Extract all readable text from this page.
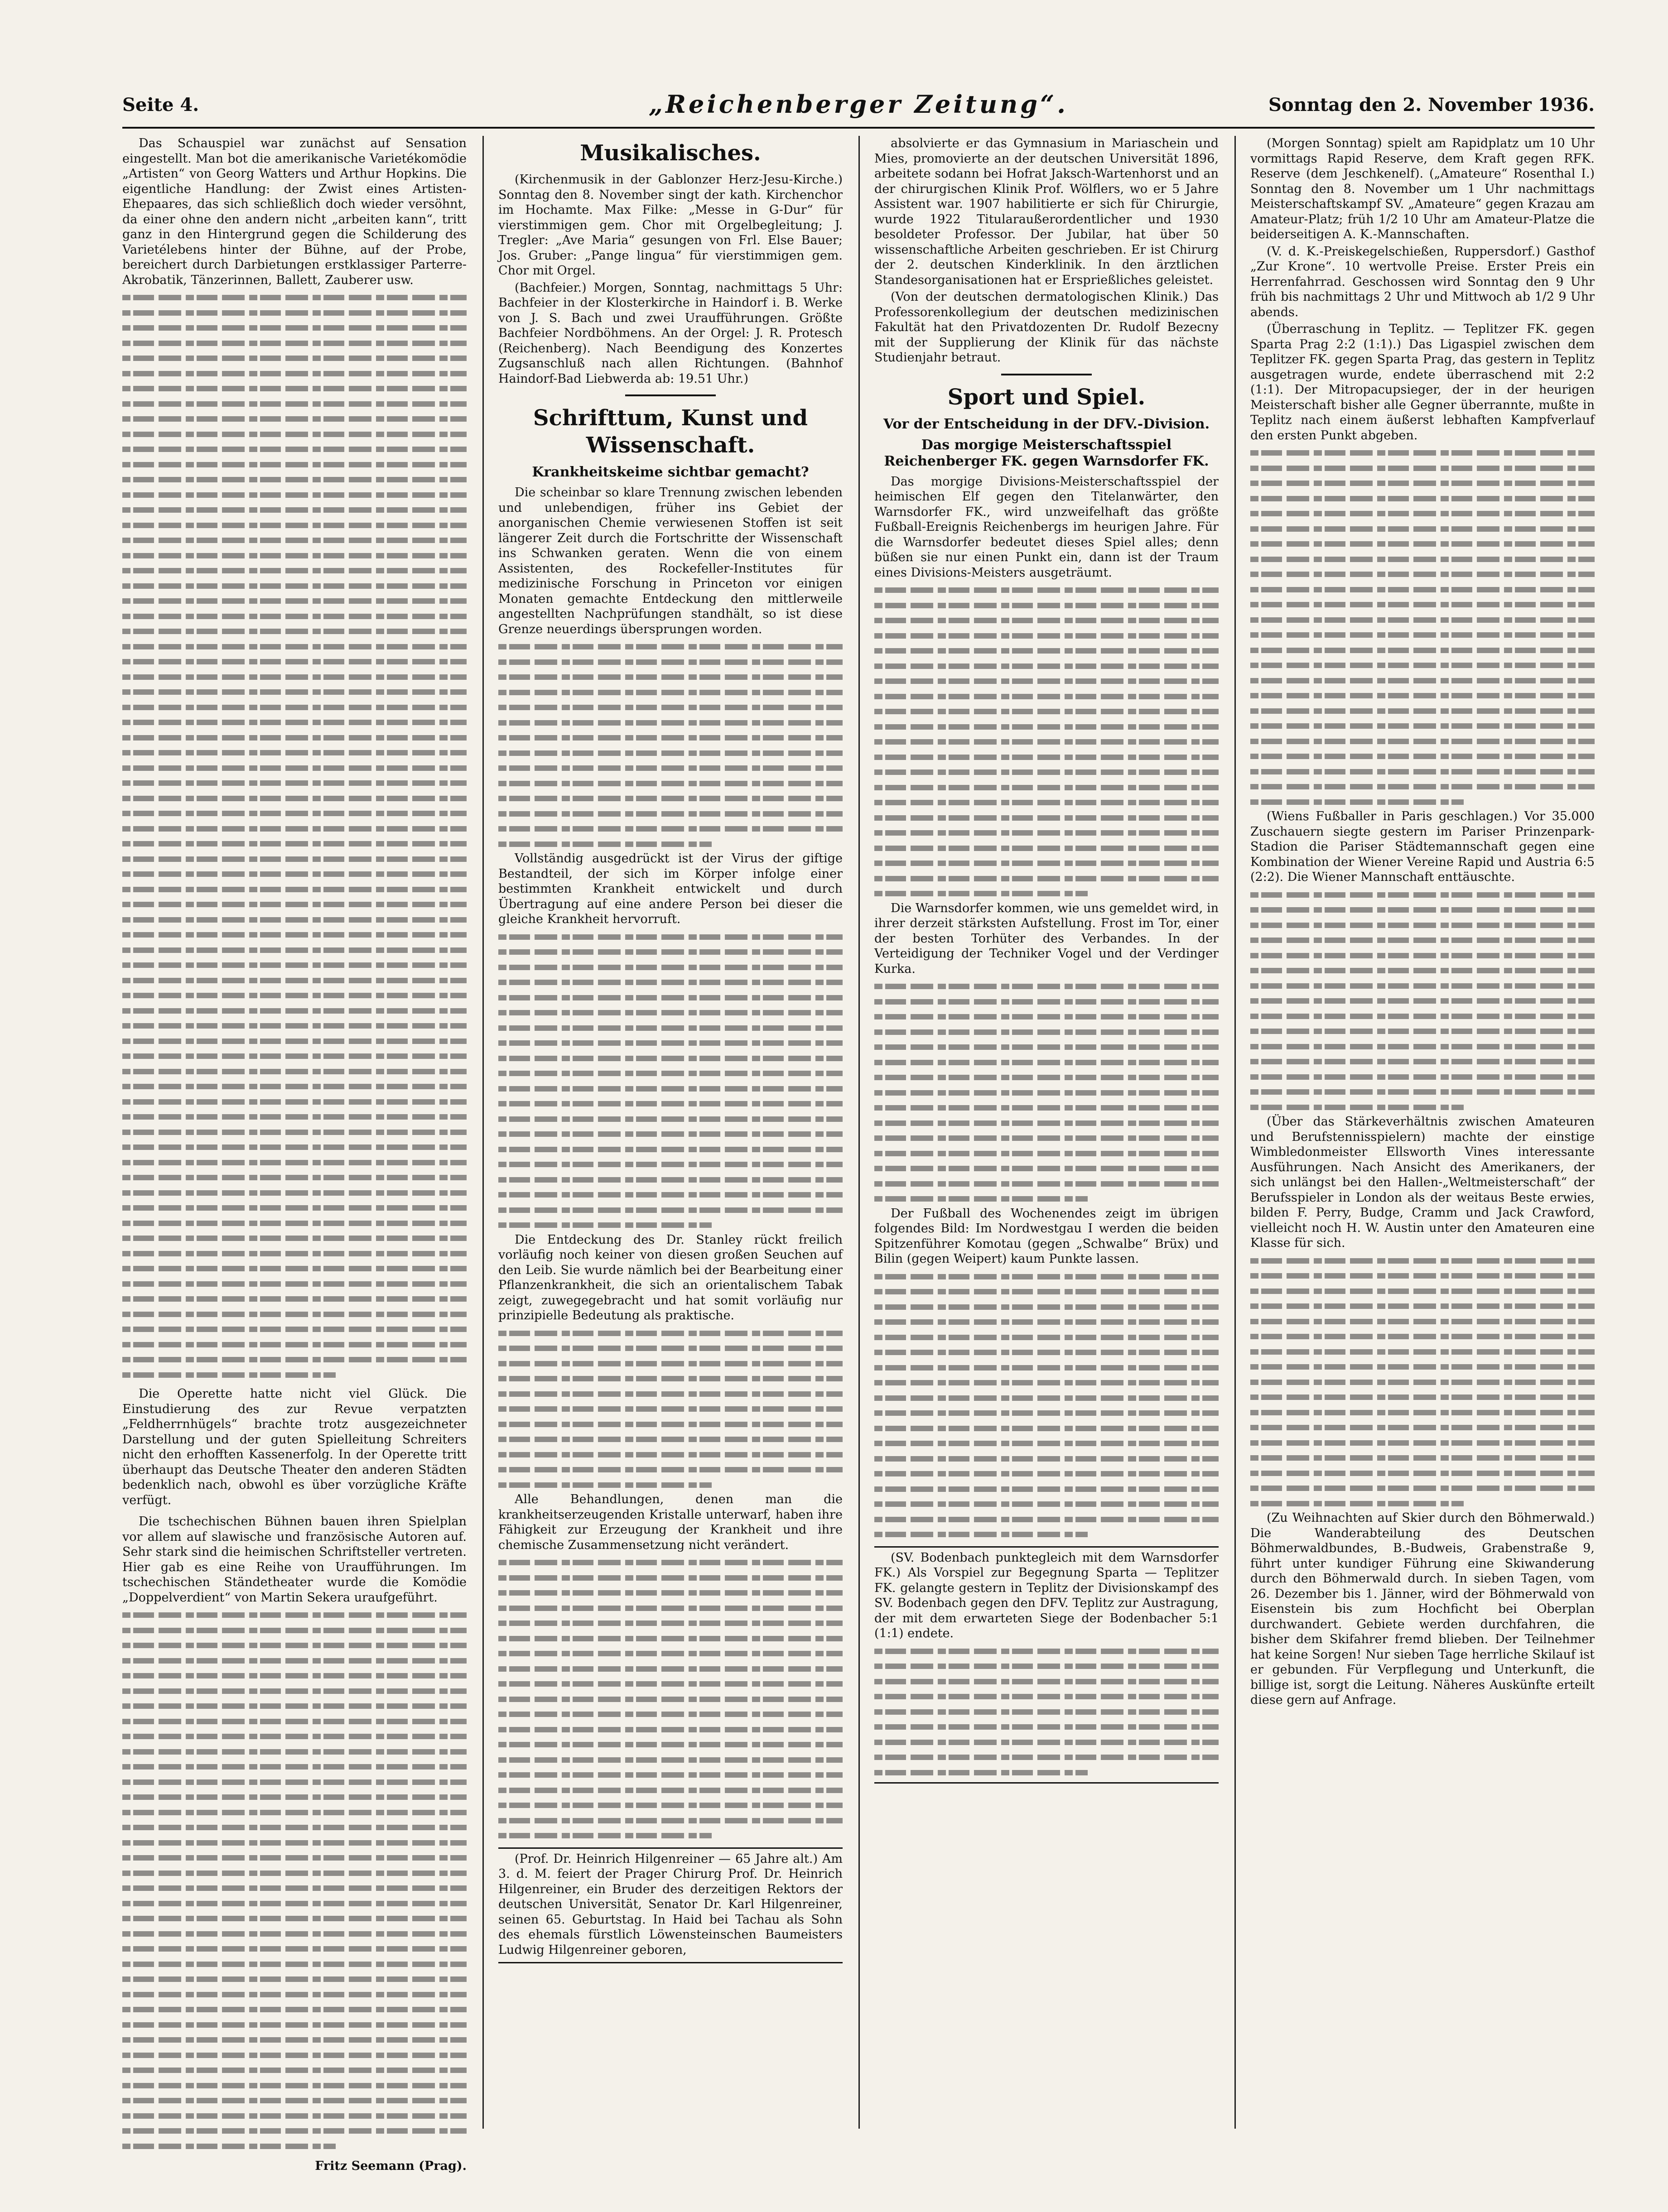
Seite 4.	„Reichenberger Zeitung“.	Sonntag den 2. November 1936.

Das Schauspiel war zunächst auf Sensation eingestellt. Man bot die amerikanische Varietékomödie „Artisten“ von Georg Watters und Arthur Hopkins. Die eigentliche Handlung: der Zwist eines Artisten-Ehepaares, das sich schließlich doch wieder versöhnt, da einer ohne den andern nicht „arbeiten kann“, tritt ganz in den Hintergrund gegen die Schilderung des Varietélebens hinter der Bühne, auf der Probe, bereichert durch Darbietungen erstklassiger Parterre-Akrobatik, Tänzerinnen, Ballett, Zauberer usw.

Die Operette hatte nicht viel Glück. Die Einstudierung des zur Revue verpatzten „Feldherrnhügels“ brachte trotz ausgezeichneter Darstellung und der guten Spielleitung Schreiters nicht den erhofften Kassenerfolg. In der Operette tritt überhaupt das Deutsche Theater den anderen Städten bedenklich nach, obwohl es über vorzügliche Kräfte verfügt.

Die tschechischen Bühnen bauen ihren Spielplan vor allem auf slawische und französische Autoren auf. Sehr stark sind die heimischen Schriftsteller vertreten. Hier gab es eine Reihe von Uraufführungen. Im tschechischen Ständetheater wurde die Komödie „Doppelverdient“ von Martin Sekera uraufgeführt.

Fritz Seemann (Prag).
Musikalisches.

(Kirchenmusik in der Gablonzer Herz-Jesu-Kirche.) Sonntag den 8. November singt der kath. Kirchenchor im Hochamte. Max Filke: „Messe in G-Dur“ für vierstimmigen gem. Chor mit Orgelbegleitung; J. Tregler: „Ave Maria“ gesungen von Frl. Else Bauer; Jos. Gruber: „Pange lingua“ für vierstimmigen gem. Chor mit Orgel.

(Bachfeier.) Morgen, Sonntag, nachmittags 5 Uhr: Bachfeier in der Klosterkirche in Haindorf i. B. Werke von J. S. Bach und zwei Uraufführungen. Größte Bachfeier Nordböhmens. An der Orgel: J. R. Protesch (Reichenberg). Nach Beendigung des Konzertes Zugsanschluß nach allen Richtungen. (Bahnhof Haindorf-Bad Liebwerda ab: 19.51 Uhr.)

Schrifttum, Kunst und Wissenschaft.
Krankheitskeime sichtbar gemacht?

Die scheinbar so klare Trennung zwischen lebenden und unlebendigen, früher ins Gebiet der anorganischen Chemie verwiesenen Stoffen ist seit längerer Zeit durch die Fortschritte der Wissenschaft ins Schwanken geraten. Wenn die von einem Assistenten, des Rockefeller-Institutes für medizinische Forschung in Princeton vor einigen Monaten gemachte Entdeckung den mittlerweile angestellten Nachprüfungen standhält, so ist diese Grenze neuerdings übersprungen worden.

Vollständig ausgedrückt ist der Virus der giftige Bestandteil, der sich im Körper infolge einer bestimmten Krankheit entwickelt und durch Übertragung auf eine andere Person bei dieser die gleiche Krankheit hervorruft.

Die Entdeckung des Dr. Stanley rückt freilich vorläufig noch keiner von diesen großen Seuchen auf den Leib. Sie wurde nämlich bei der Bearbeitung einer Pflanzenkrankheit, die sich an orientalischem Tabak zeigt, zuwegegebracht und hat somit vorläufig nur prinzipielle Bedeutung als praktische.

Alle Behandlungen, denen man die krankheitserzeugenden Kristalle unterwarf, haben ihre Fähigkeit zur Erzeugung der Krankheit und ihre chemische Zusammensetzung nicht verändert.

(Prof. Dr. Heinrich Hilgenreiner — 65 Jahre alt.) Am 3. d. M. feiert der Prager Chirurg Prof. Dr. Heinrich Hilgenreiner, ein Bruder des derzeitigen Rektors der deutschen Universität, Senator Dr. Karl Hilgenreiner, seinen 65. Geburtstag. In Haid bei Tachau als Sohn des ehemals fürstlich Löwensteinschen Baumeisters Ludwig Hilgenreiner geboren,

absolvierte er das Gymnasium in Mariaschein und Mies, promovierte an der deutschen Universität 1896, arbeitete sodann bei Hofrat Jaksch-Wartenhorst und an der chirurgischen Klinik Prof. Wölflers, wo er 5 Jahre Assistent war. 1907 habilitierte er sich für Chirurgie, wurde 1922 Titularaußerordentlicher und 1930 besoldeter Professor. Der Jubilar, hat über 50 wissenschaftliche Arbeiten geschrieben. Er ist Chirurg der 2. deutschen Kinderklinik. In den ärztlichen Standesorganisationen hat er Ersprießliches geleistet.

(Von der deutschen dermatologischen Klinik.) Das Professorenkollegium der deutschen medizinischen Fakultät hat den Privatdozenten Dr. Rudolf Bezecny mit der Supplierung der Klinik für das nächste Studienjahr betraut.

Sport und Spiel.
Vor der Entscheidung in der DFV.-Division.
Das morgige Meisterschaftsspiel Reichenberger FK. gegen Warnsdorfer FK.

Das morgige Divisions-Meisterschaftsspiel der heimischen Elf gegen den Titelanwärter, den Warnsdorfer FK., wird unzweifelhaft das größte Fußball-Ereignis Reichenbergs im heurigen Jahre. Für die Warnsdorfer bedeutet dieses Spiel alles; denn büßen sie nur einen Punkt ein, dann ist der Traum eines Divisions-Meisters ausgeträumt.

Die Warnsdorfer kommen, wie uns gemeldet wird, in ihrer derzeit stärksten Aufstellung. Frost im Tor, einer der besten Torhüter des Verbandes. In der Verteidigung der Techniker Vogel und der Verdinger Kurka.

Der Fußball des Wochenendes zeigt im übrigen folgendes Bild: Im Nordwestgau I werden die beiden Spitzenführer Komotau (gegen „Schwalbe“ Brüx) und Bilin (gegen Weipert) kaum Punkte lassen.

(SV. Bodenbach punktegleich mit dem Warnsdorfer FK.) Als Vorspiel zur Begegnung Sparta — Teplitzer FK. gelangte gestern in Teplitz der Divisionskampf des SV. Bodenbach gegen den DFV. Teplitz zur Austragung, der mit dem erwarteten Siege der Bodenbacher 5:1 (1:1) endete.

(Morgen Sonntag) spielt am Rapidplatz um 10 Uhr vormittags Rapid Reserve, dem Kraft gegen RFK. Reserve (dem Jeschkenelf). („Amateure“ Rosenthal I.) Sonntag den 8. November um 1 Uhr nachmittags Meisterschaftskampf SV. „Amateure“ gegen Krazau am Amateur-Platz; früh 1/2 10 Uhr am Amateur-Platze die beiderseitigen A. K.-Mannschaften.

(V. d. K.-Preiskegelschießen, Ruppersdorf.) Gasthof „Zur Krone“. 10 wertvolle Preise. Erster Preis ein Herrenfahrrad. Geschossen wird Sonntag den 9 Uhr früh bis nachmittags 2 Uhr und Mittwoch ab 1/2 9 Uhr abends.

(Überraschung in Teplitz. — Teplitzer FK. gegen Sparta Prag 2:2 (1:1).) Das Ligaspiel zwischen dem Teplitzer FK. gegen Sparta Prag, das gestern in Teplitz ausgetragen wurde, endete überraschend mit 2:2 (1:1). Der Mitropacupsieger, der in der heurigen Meisterschaft bisher alle Gegner überrannte, mußte in Teplitz nach einem äußerst lebhaften Kampfverlauf den ersten Punkt abgeben.

(Wiens Fußballer in Paris geschlagen.) Vor 35.000 Zuschauern siegte gestern im Pariser Prinzenpark-Stadion die Pariser Städtemannschaft gegen eine Kombination der Wiener Vereine Rapid und Austria 6:5 (2:2). Die Wiener Mannschaft enttäuschte.

(Über das Stärkeverhältnis zwischen Amateuren und Berufstennisspielern) machte der einstige Wimbledonmeister Ellsworth Vines interessante Ausführungen. Nach Ansicht des Amerikaners, der sich unlängst bei den Hallen-„Weltmeisterschaft“ der Berufsspieler in London als der weitaus Beste erwies, bilden F. Perry, Budge, Cramm und Jack Crawford, vielleicht noch H. W. Austin unter den Amateuren eine Klasse für sich.

(Zu Weihnachten auf Skier durch den Böhmerwald.) Die Wanderabteilung des Deutschen Böhmerwaldbundes, B.-Budweis, Grabenstraße 9, führt unter kundiger Führung eine Skiwanderung durch den Böhmerwald durch. In sieben Tagen, vom 26. Dezember bis 1. Jänner, wird der Böhmerwald von Eisenstein bis zum Hochficht bei Oberplan durchwandert. Gebiete werden durchfahren, die bisher dem Skifahrer fremd blieben. Der Teilnehmer hat keine Sorgen! Nur sieben Tage herrliche Skilauf ist er gebunden. Für Verpflegung und Unterkunft, die billige ist, sorgt die Leitung. Näheres Auskünfte erteilt diese gern auf Anfrage.
